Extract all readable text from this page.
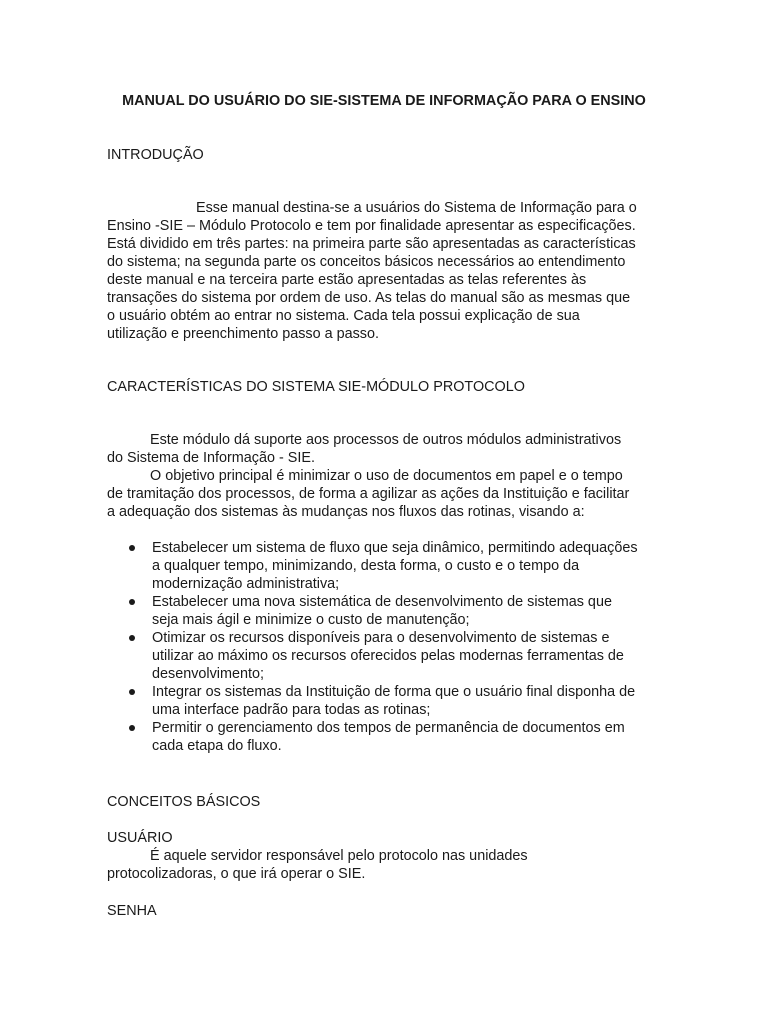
MANUAL DO USUÁRIO DO SIE-SISTEMA DE INFORMAÇÃO PARA O ENSINO
INTRODUÇÃO
Esse manual destina-se a usuários do Sistema de Informação para o
Ensino -SIE – Módulo Protocolo e tem por finalidade apresentar as especificações.
Está dividido em três partes: na primeira parte são apresentadas as características
do sistema; na segunda parte os conceitos básicos necessários ao entendimento
deste manual e na terceira parte estão apresentadas as telas referentes às
transações do sistema por ordem de uso. As telas do manual são as mesmas que
o usuário obtém ao entrar no sistema. Cada tela possui explicação de sua
utilização e preenchimento passo a passo.
CARACTERÍSTICAS DO SISTEMA SIE-MÓDULO PROTOCOLO
Este módulo dá suporte aos processos de outros módulos administrativos
do Sistema de Informação - SIE.
O objetivo principal é minimizar o uso de documentos em papel e o tempo
de tramitação dos processos, de forma a agilizar as ações da Instituição e facilitar
a adequação dos sistemas às mudanças nos fluxos das rotinas, visando a:
Estabelecer um sistema de fluxo que seja dinâmico, permitindo adequações
a qualquer tempo, minimizando, desta forma, o custo e o tempo da
modernização administrativa;
Estabelecer uma nova sistemática de desenvolvimento de sistemas que
seja mais ágil e minimize o custo de manutenção;
Otimizar os recursos disponíveis para o desenvolvimento de sistemas e
utilizar ao máximo os recursos oferecidos pelas modernas ferramentas de
desenvolvimento;
Integrar os sistemas da Instituição de forma que o usuário final disponha de
uma interface padrão para todas as rotinas;
Permitir o gerenciamento dos tempos de permanência de documentos em
cada etapa do fluxo.
CONCEITOS BÁSICOS
USUÁRIO
É aquele servidor responsável pelo protocolo nas unidades
protocolizadoras, o que irá operar o SIE.
SENHA
